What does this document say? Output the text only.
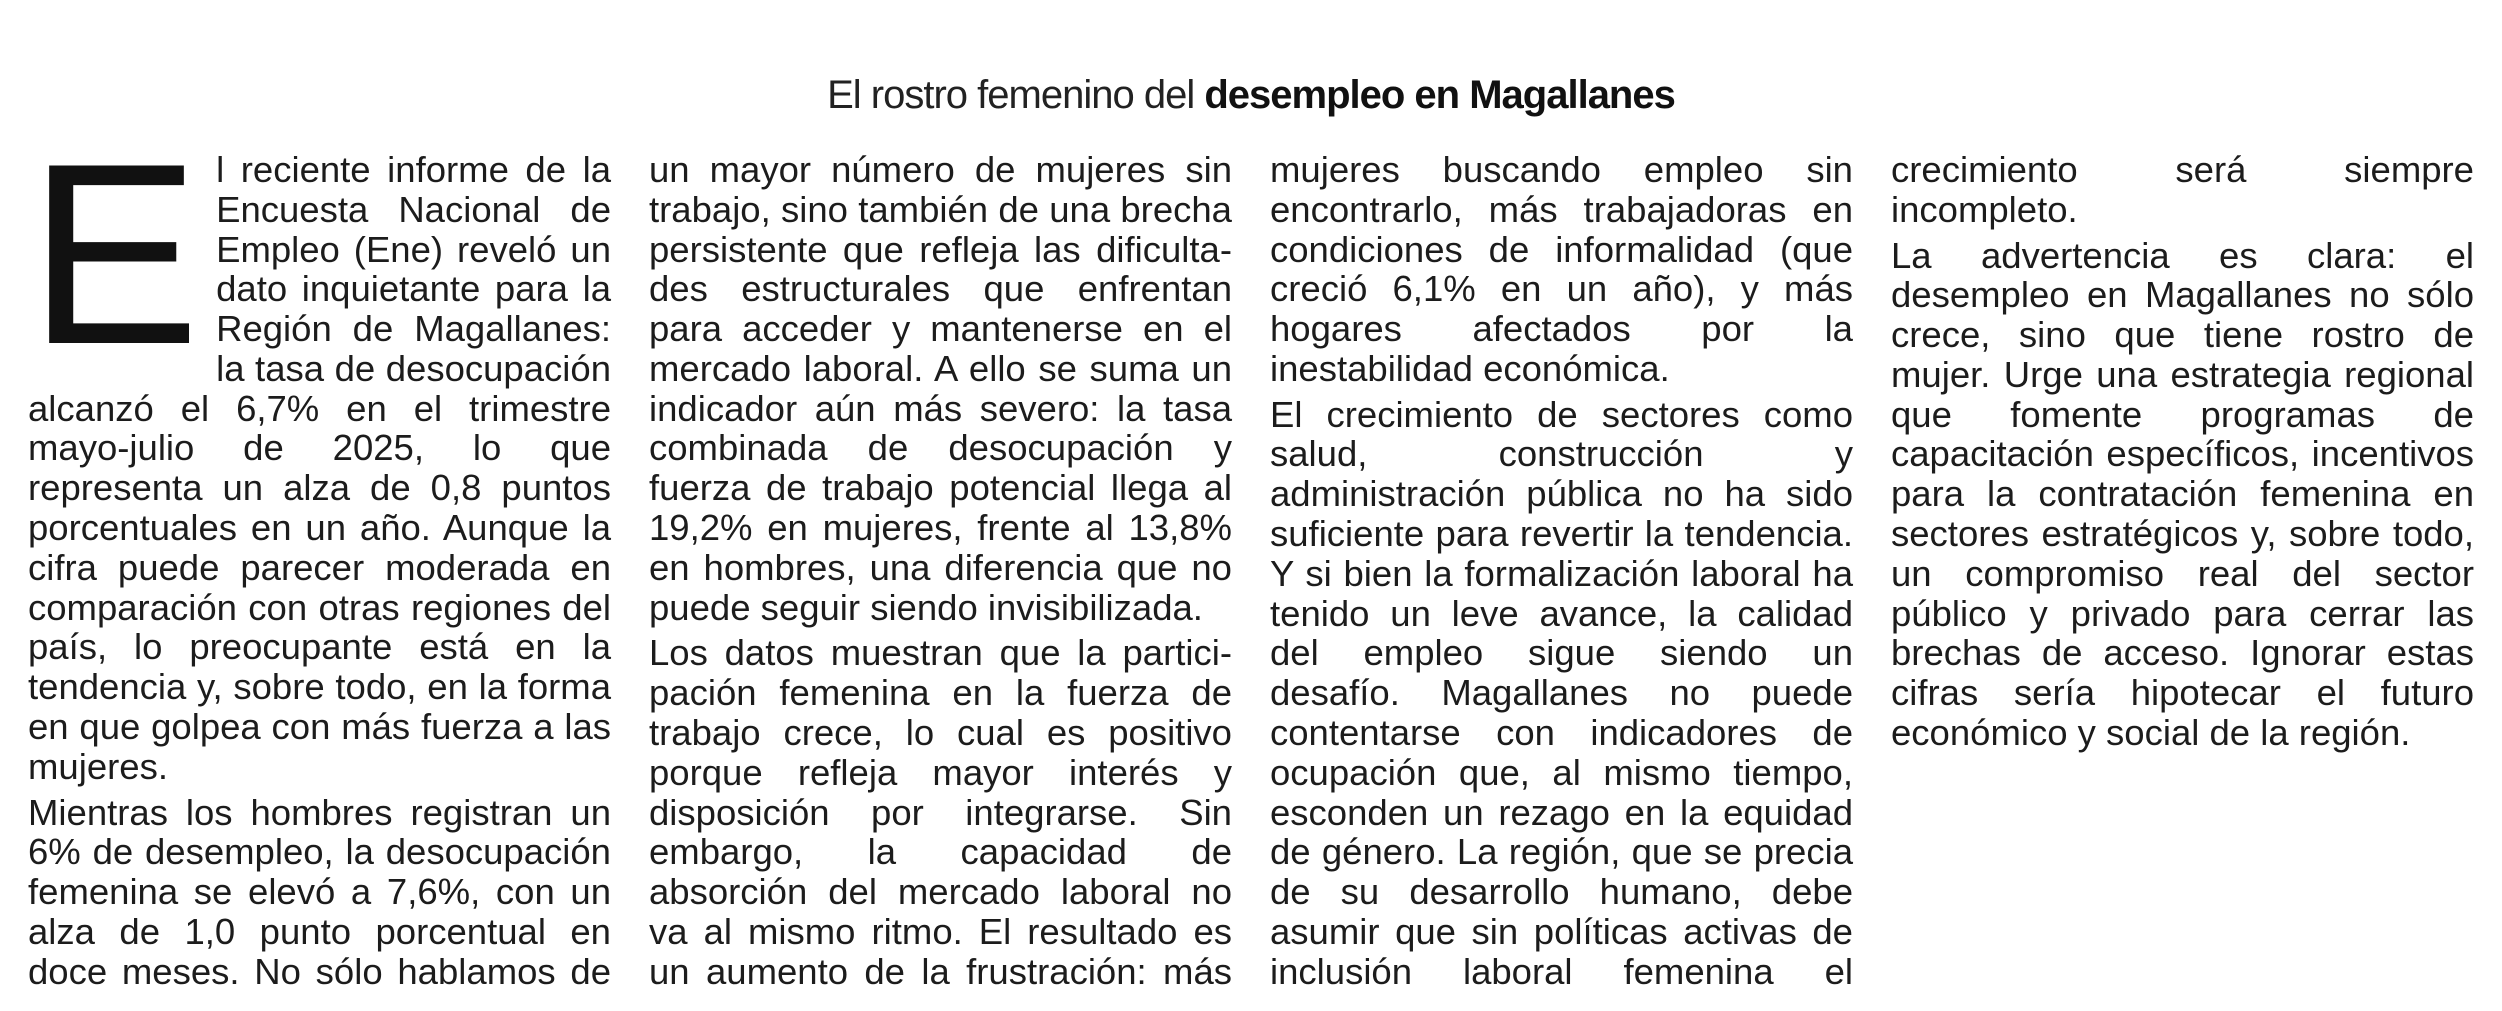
El rostro femenino del desempleo en Magallanes

El reciente informe de la Encuesta Nacional de Empleo (Ene) reveló un dato inquietante para la Región de Magallanes: la tasa de desocupación alcanzó el 6,7% en el trimestre mayo-julio de 2025, lo que representa un alza de 0,8 puntos porcentuales en un año. Aunque la cifra puede parecer moderada en comparación con otras regiones del país, lo preocupante está en la tendencia y, sobre todo, en la forma en que golpea con más fuerza a las mujeres.

Mientras los hombres registran un 6% de desempleo, la desocupación femenina se elevó a 7,6%, con un alza de 1,0 punto porcentual en doce meses. No sólo hablamos de un mayor número de mujeres sin trabajo, sino también de una brecha persistente que refleja las dificultades estructurales que enfrentan para acceder y mantenerse en el mercado laboral. A ello se suma un indicador aún más severo: la tasa combinada de desocupación y fuerza de trabajo potencial llega al 19,2% en mujeres, frente al 13,8% en hombres, una diferencia que no puede seguir siendo invisibilizada.

Los datos muestran que la participación femenina en la fuerza de trabajo crece, lo cual es positivo porque refleja mayor interés y disposición por integrarse. Sin embargo, la capacidad de absorción del mercado laboral no va al mismo ritmo. El resultado es un aumento de la frustración: más mujeres buscando empleo sin encontrarlo, más trabajadoras en condiciones de informalidad (que creció 6,1% en un año), y más hogares afectados por la inestabilidad económica.

El crecimiento de sectores como salud, construcción y administración pública no ha sido suficiente para revertir la tendencia. Y si bien la formalización laboral ha tenido un leve avance, la calidad del empleo sigue siendo un desafío. Magallanes no puede contentarse con indicadores de ocupación que, al mismo tiempo, esconden un rezago en la equidad de género. La región, que se precia de su desarrollo humano, debe asumir que sin políticas activas de inclusión laboral femenina el crecimiento será siempre incompleto.

La advertencia es clara: el desempleo en Magallanes no sólo crece, sino que tiene rostro de mujer. Urge una estrategia regional que fomente programas de capacitación específicos, incentivos para la contratación femenina en sectores estratégicos y, sobre todo, un compromiso real del sector público y privado para cerrar las brechas de acceso. Ignorar estas cifras sería hipotecar el futuro económico y social de la región.
